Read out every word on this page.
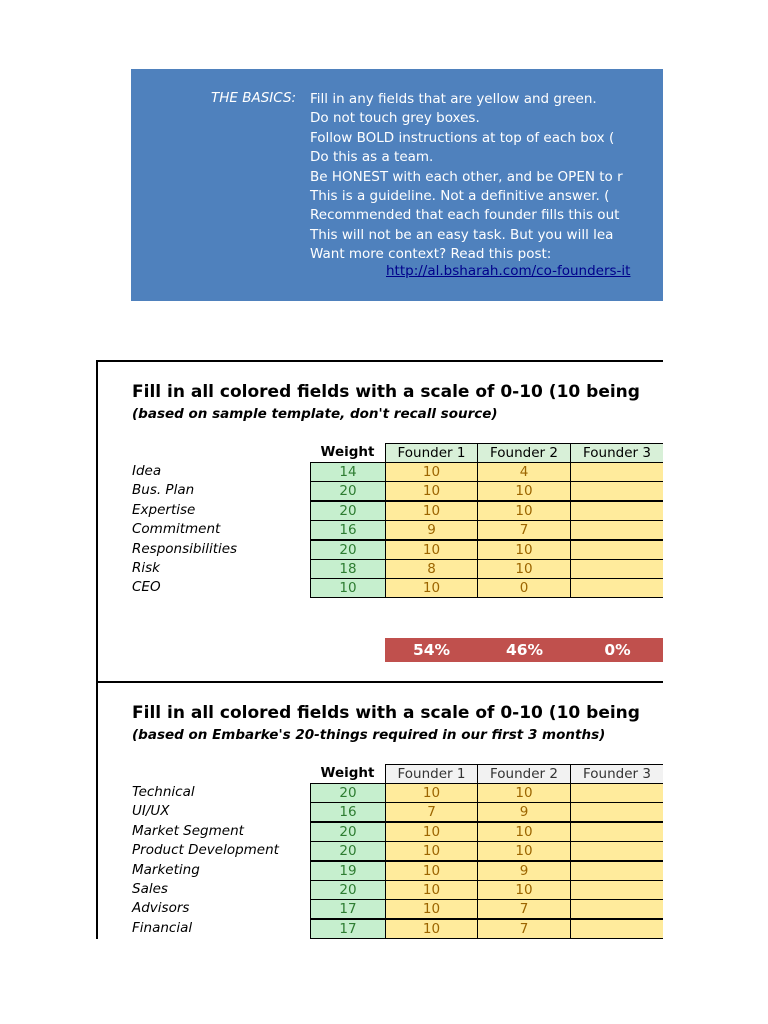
THE BASICS: Fill in any fields that are yellow and green.
Do not touch grey boxes.
Follow BOLD instructions at top of each box (
Do this as a team.
Be HONEST with each other, and be OPEN to r
This is a guideline. Not a definitive answer. (
Recommended that each founder fills this out
This will not be an easy task. But you will lea
Want more context? Read this post:
http://al.bsharah.com/co-founders-it
Fill in all colored fields with a scale of 0-10 (10 being
(based on sample template, don't recall source)
Weight	Founder 1	Founder 2	Founder 3
Idea	14	10	4
Bus. Plan	20	10	10
Expertise	20	10	10
Commitment	16	9	7
Responsibilities	20	10	10
Risk	18	8	10
CEO	10	10	0
54%	46%	0%
Fill in all colored fields with a scale of 0-10 (10 being
(based on Embarke's 20-things required in our first 3 months)
Weight	Founder 1	Founder 2	Founder 3
Technical	20	10	10
UI/UX	16	7	9
Market Segment	20	10	10
Product Development	20	10	10
Marketing	19	10	9
Sales	20	10	10
Advisors	17	10	7
Financial	17	10	7
